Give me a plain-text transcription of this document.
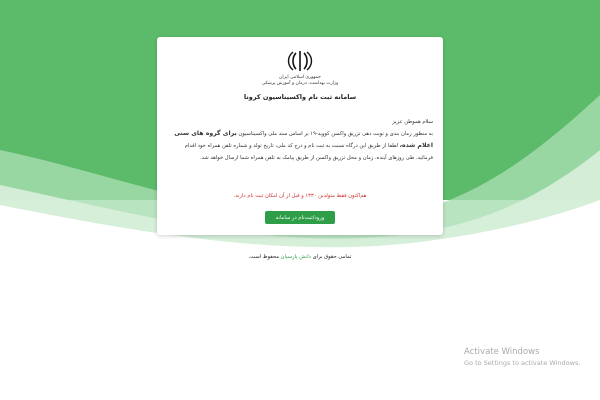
جمهوری اسلامی ایران
وزارت بهداشت، درمان و آموزش پزشکی
سامانه ثبت نام واکسیناسیون کرونا

سلام هموطن عزیز

به منظور زمان بندی و نوبت دهی تزریق واکسن کووید-۱۹ بر اساس سند ملی واکسیناسیون برای گروه های سنی اعلام شده، لطفا از طریق این درگاه نسبت به ثبت نام و درج کد ملی، تاریخ تولد و شماره تلفن همراه خود اقدام فرمائید. طی روزهای آینده، زمان و محل تزریق واکسن از طریق پیامک به تلفن همراه شما ارسال خواهد شد.

هم‌اکنون فقط متولدین ۱۳۳۰ و قبل از آن امکان ثبت نام دارند.
ورود/ثبت‌نام در سامانه
تمامی حقوق برای دانش پارسیان محفوظ است.
Activate Windows
Go to Settings to activate Windows.
